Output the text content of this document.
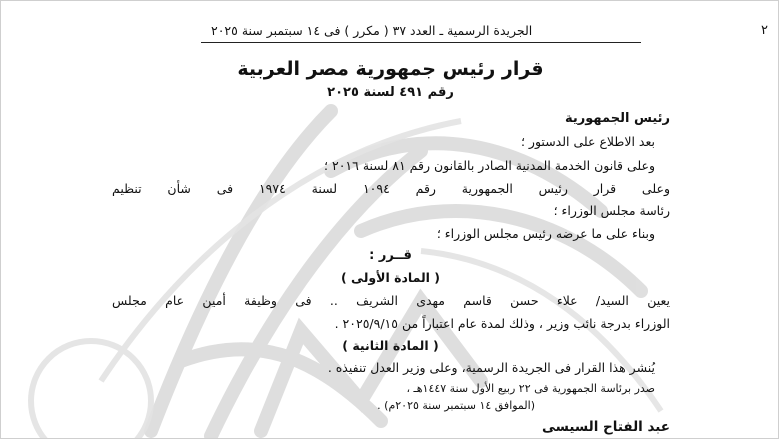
الجريدة الرسمية ـ العدد ٣٧ ( مكرر ) فى ١٤ سبتمبر سنة ٢٠٢٥	٢
قرار رئيس جمهورية مصر العربية
رقم ٤٩١ لسنة ٢٠٢٥
رئيس الجمهورية
بعد الاطلاع على الدستور ؛
وعلى قانون الخدمة المدنية الصادر بالقانون رقم ٨١ لسنة ٢٠١٦ ؛
وعلى قرار رئيس الجمهورية رقم ١٠٩٤ لسنة ١٩٧٤ فى شأن تنظيم
رئاسة مجلس الوزراء ؛
وبناء على ما عرضه رئيس مجلس الوزراء ؛
قــرر :
( المادة الأولى )
يعين السيد/ علاء حسن قاسم مهدى الشريف .. فى وظيفة أمين عام مجلس
الوزراء بدرجة نائب وزير ، وذلك لمدة عام اعتباراً من ٢٠٢٥/٩/١٥ .
( المادة الثانية )
يُنشر هذا القرار فى الجريدة الرسمية، وعلى وزير العدل تنفيذه .
صدر برئاسة الجمهورية فى ٢٢ ربيع الأول سنة ١٤٤٧هـ ،
(الموافق ١٤ سبتمبر سنة ٢٠٢٥م) .
عبد الفتاح السيسى
